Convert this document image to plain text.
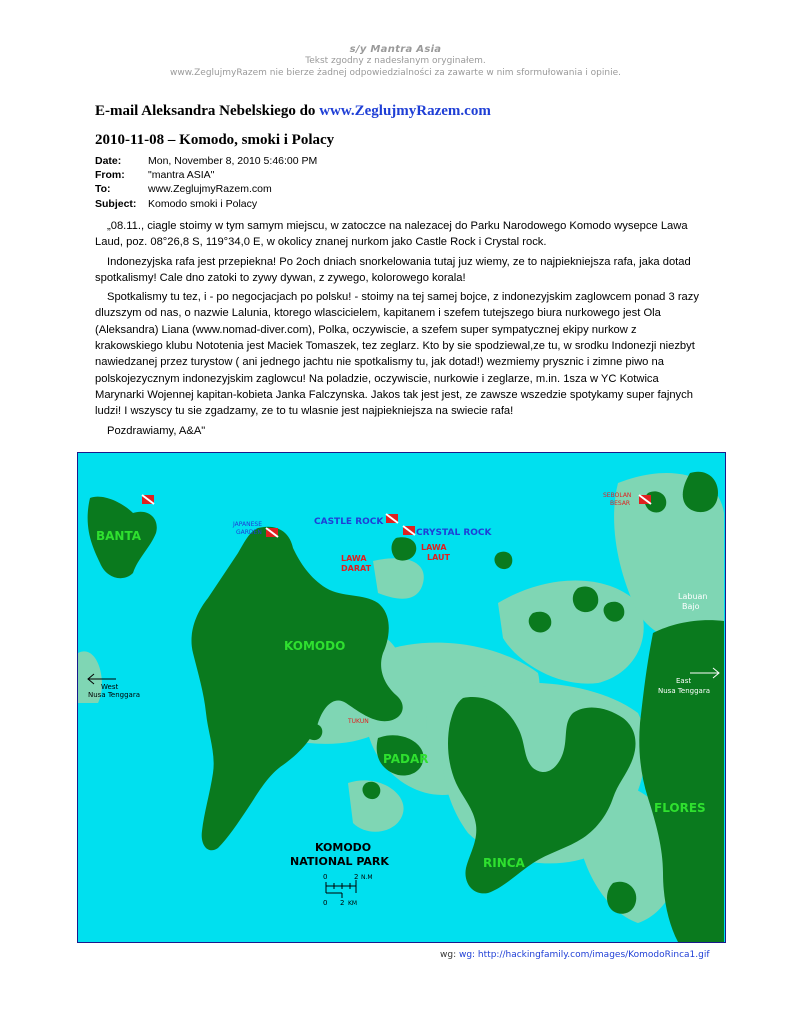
s/y Mantra Asia
Tekst zgodny z nadesłanym oryginałem.
www.ZeglujmyRazem nie bierze żadnej odpowiedzialności za zawarte w nim sformułowania i opinie.
E-mail Aleksandra Nebelskiego do www.ZeglujmyRazem.com
2010-11-08 – Komodo, smoki i Polacy
Date:	Mon, November 8, 2010 5:46:00 PM
From:	"mantra ASIA"
To:	www.ZeglujmyRazem.com
Subject:	Komodo smoki i Polacy

„08.11., ciagle stoimy w tym samym miejscu, w zatoczce na nalezacej do Parku Narodowego Komodo wysepce Lawa
Laud, poz. 08°26,8 S, 119°34,0 E, w okolicy znanej nurkom jako Castle Rock i Crystal rock.

Indonezyjska rafa jest przepiekna! Po 2och dniach snorkelowania tutaj juz wiemy, ze to najpiekniejsza rafa, jaka dotad
spotkalismy! Cale dno zatoki to zywy dywan, z zywego, kolorowego korala!

Spotkalismy tu tez, i - po negocjacjach po polsku! - stoimy na tej samej bojce, z indonezyjskim zaglowcem ponad 3 razy
dluzszym od nas, o nazwie Lalunia, ktorego wlascicielem, kapitanem i szefem tutejszego biura nurkowego jest Ola
(Aleksandra) Liana (www.nomad-diver.com), Polka, oczywiscie, a szefem super sympatycznej ekipy nurkow z
krakowskiego klubu Nototenia jest Maciek Tomaszek, tez zeglarz. Kto by sie spodziewal,ze tu, w srodku Indonezji niezbyt
nawiedzanej przez turystow ( ani jednego jachtu nie spotkalismy tu, jak dotad!) wezmiemy prysznic i zimne piwo na
polskojezycznym indonezyjskim zaglowcu! Na poladzie, oczywiscie, nurkowie i zeglarze, m.in. 1sza w YC Kotwica
Marynarki Wojennej kapitan-kobieta Janka Falczynska. Jakos tak jest jest, ze zawsze wszedzie spotykamy super fajnych
ludzi! I wszyscy tu sie zgadzamy, ze to tu wlasnie jest najpiekniejsza na swiecie rafa!

Pozdrawiamy, A&A"

BANTA
KOMODO
PADAR
RINCA
FLORES
CASTLE ROCK
CRYSTAL ROCK
LAWA
DARAT
LAWA
LAUT
JAPANESE
GARDEN
SEBOLAN
BESAR
TUKUN
Labuan
Bajo
West
Nusa Tenggara
East
Nusa Tenggara
KOMODO
NATIONAL PARK
0	2 N.M
0 2 KM
wg: wg: http://hackingfamily.com/images/KomodoRinca1.gif
